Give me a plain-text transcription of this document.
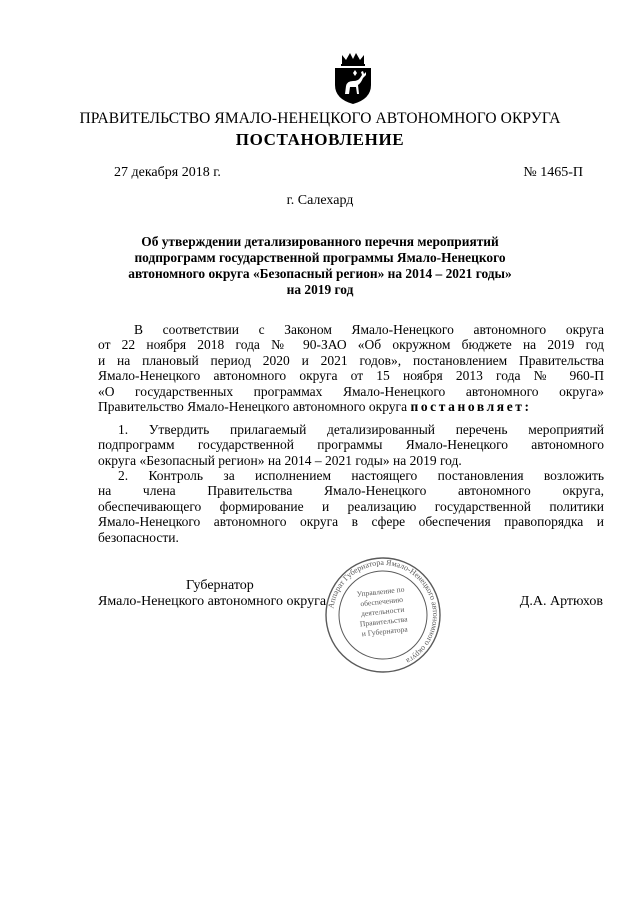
ПРАВИТЕЛЬСТВО ЯМАЛО-НЕНЕЦКОГО АВТОНОМНОГО ОКРУГА
ПОСТАНОВЛЕНИЕ
27 декабря 2018 г.	№ 1465-П
г. Салехард
Об утверждении детализированного перечня мероприятий
подпрограмм государственной программы Ямало-Ненецкого
автономного округа «Безопасный регион» на 2014 – 2021 годы»
на 2019 год
В соответствии с Законом Ямало-Ненецкого автономного округа
от 22 ноября 2018 года № 90-ЗАО «Об окружном бюджете на 2019 год
и на плановый период 2020 и 2021 годов», постановлением Правительства
Ямало-Ненецкого автономного округа от 15 ноября 2013 года № 960-П
«О государственных программах Ямало-Ненецкого автономного округа»
Правительство Ямало-Ненецкого автономного округа постановляет:
1. Утвердить прилагаемый детализированный перечень мероприятий
подпрограмм государственной программы Ямало-Ненецкого автономного
округа «Безопасный регион» на 2014 – 2021 годы» на 2019 год.
2. Контроль за исполнением настоящего постановления возложить
на члена Правительства Ямало-Ненецкого автономного округа,
обеспечивающего формирование и реализацию государственной политики
Ямало-Ненецкого автономного округа в сфере обеспечения правопорядка и
безопасности.
Губернатор
Ямало-Ненецкого автономного округа	Д.А. Артюхов
Аппарат Губернатора Ямало-Ненецкого автономного округа
Управление по
обеспечению
деятельности
Правительства
и Губернатора
